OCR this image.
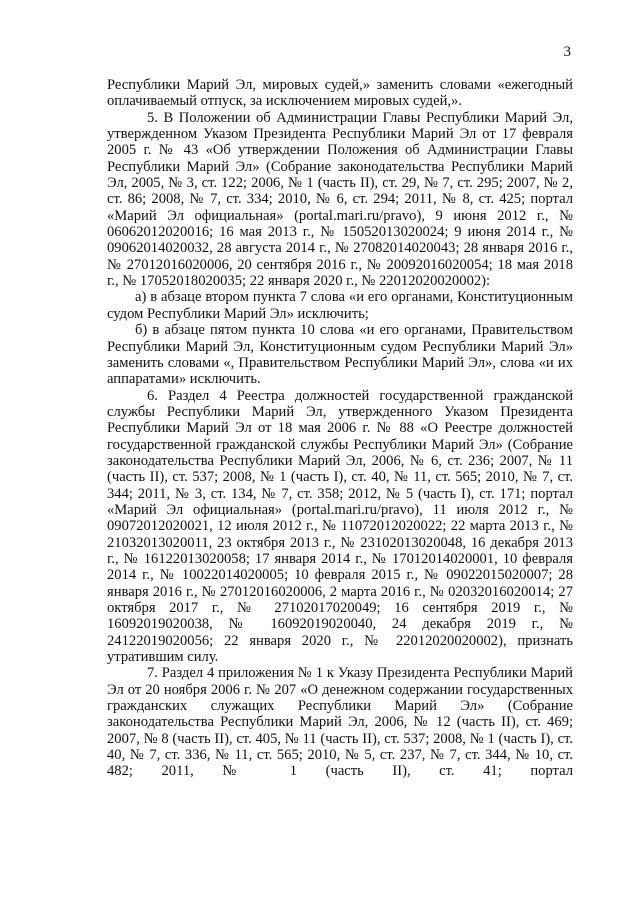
3

Республики Марий Эл, мировых судей,» заменить словами «ежегодный оплачиваемый отпуск, за исключением мировых судей,».

5. В Положении об Администрации Главы Республики Марий Эл, утвержденном Указом Президента Республики Марий Эл от 17 февраля 2005 г. № 43 «Об утверждении Положения об Администрации Главы Республики Марий Эл» (Собрание законодательства Республики Марий Эл, 2005, № 3, ст. 122; 2006, № 1 (часть II), ст. 29, № 7, ст. 295; 2007, № 2, ст. 86; 2008, № 7, ст. 334; 2010, № 6, ст. 294; 2011, № 8, ст. 425; портал «Марий Эл официальная» (portal.mari.ru/pravo), 9 июня 2012 г., № 06062012020016; 16 мая 2013 г., № 15052013020024; 9 июня 2014 г., № 09062014020032, 28 августа 2014 г., № 27082014020043; 28 января 2016 г., № 27012016020006, 20 сентября 2016 г., № 20092016020054; 18 мая 2018 г., № 17052018020035; 22 января 2020 г., № 22012020020002):

а) в абзаце втором пункта 7 слова «и его органами, Конституционным судом Республики Марий Эл» исключить;

б) в абзаце пятом пункта 10 слова «и его органами, Правительством Республики Марий Эл, Конституционным судом Республики Марий Эл» заменить словами «, Правительством Республики Марий Эл», слова «и их аппаратами» исключить.

6. Раздел 4 Реестра должностей государственной гражданской службы Республики Марий Эл, утвержденного Указом Президента Республики Марий Эл от 18 мая 2006 г. № 88 «О Реестре должностей государственной гражданской службы Республики Марий Эл» (Собрание законодательства Республики Марий Эл, 2006, № 6, ст. 236; 2007, № 11 (часть II), ст. 537; 2008, № 1 (часть I), ст. 40, № 11, ст. 565; 2010, № 7, ст. 344; 2011, № 3, ст. 134, № 7, ст. 358; 2012, № 5 (часть I), ст. 171; портал «Марий Эл официальная» (portal.mari.ru/pravo), 11 июля 2012 г., № 09072012020021, 12 июля 2012 г., № 11072012020022; 22 марта 2013 г., № 21032013020011, 23 октября 2013 г., № 23102013020048, 16 декабря 2013 г., № 16122013020058; 17 января 2014 г., № 17012014020001, 10 февраля 2014 г., № 10022014020005; 10 февраля 2015 г., № 09022015020007; 28 января 2016 г., № 27012016020006, 2 марта 2016 г., № 02032016020014; 27 октября 2017 г., № 27102017020049; 16 сентября 2019 г., № 16092019020038, № 16092019020040, 24 декабря 2019 г., № 24122019020056; 22 января 2020 г., № 22012020020002), признать утратившим силу.

7. Раздел 4 приложения № 1 к Указу Президента Республики Марий Эл от 20 ноября 2006 г. № 207 «О денежном содержании государственных гражданских служащих Республики Марий Эл» (Собрание законодательства Республики Марий Эл, 2006, № 12 (часть II), ст. 469; 2007, № 8 (часть II), ст. 405, № 11 (часть II), ст. 537; 2008, № 1 (часть I), ст. 40, № 7, ст. 336, № 11, ст. 565; 2010, № 5, ст. 237, № 7, ст. 344, № 10, ст. 482; 2011, № 1 (часть II), ст. 41; портал
